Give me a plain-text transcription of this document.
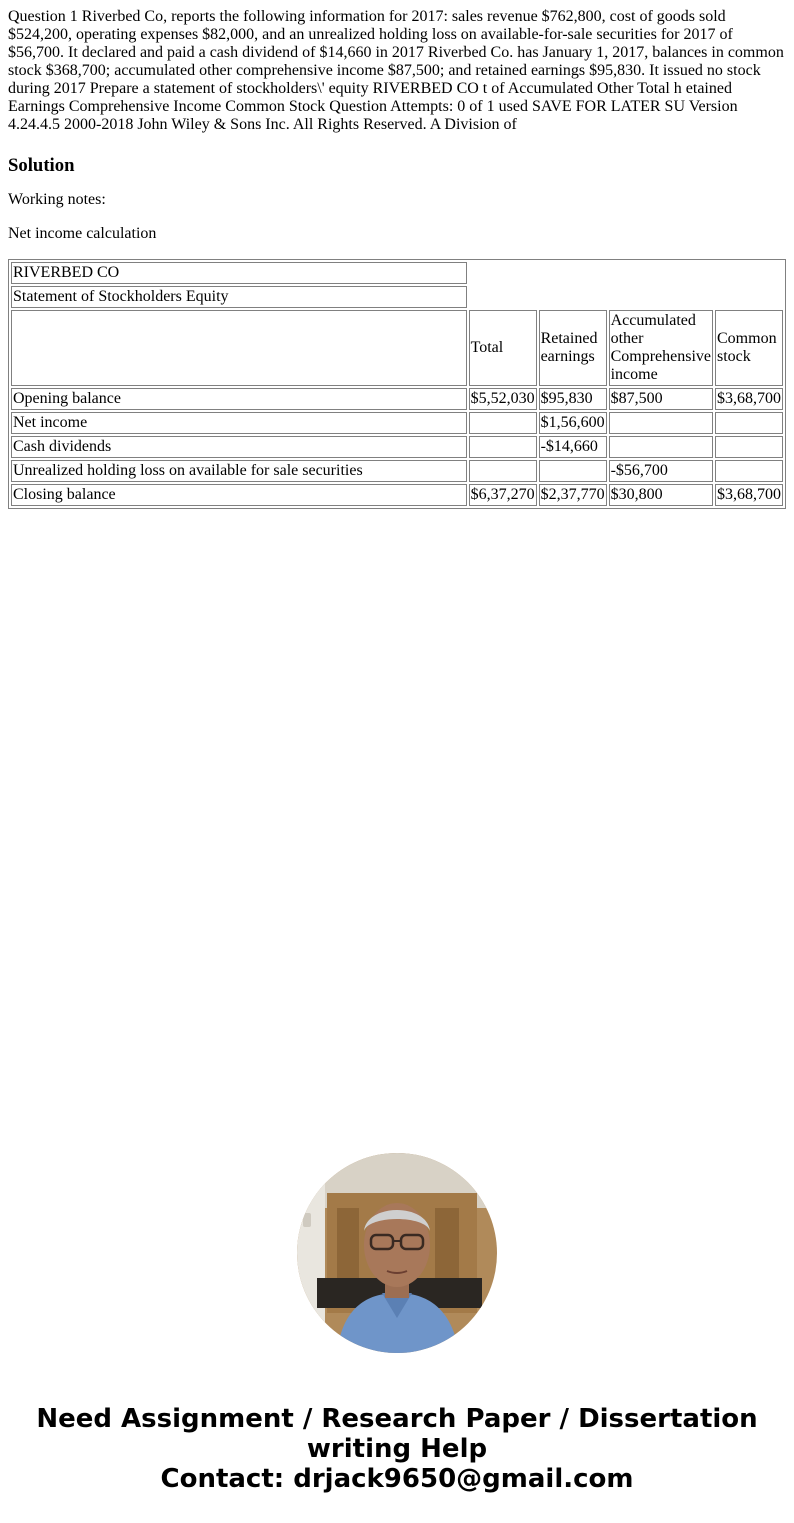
Question 1 Riverbed Co, reports the following information for 2017: sales revenue $762,800, cost of goods sold $524,200, operating expenses $82,000, and an unrealized holding loss on available-for-sale securities for 2017 of $56,700. It declared and paid a cash dividend of $14,660 in 2017 Riverbed Co. has January 1, 2017, balances in common stock $368,700; accumulated other comprehensive income $87,500; and retained earnings $95,830. It issued no stock during 2017 Prepare a statement of stockholders\' equity RIVERBED CO t of Accumulated Other Total h etained Earnings Comprehensive Income Common Stock Question Attempts: 0 of 1 used SAVE FOR LATER SU Version 4.24.4.5 2000-2018 John Wiley & Sons Inc. All Rights Reserved. A Division of

Solution

Working notes:

Net income calculation

RIVERBED CO				
Statement of Stockholders Equity				
	Total	Retained earnings	Accumulated other Comprehensive income	Common stock
Opening balance	$5,52,030	$95,830	$87,500	$3,68,700
Net income		$1,56,600		
Cash dividends		-$14,660		
Unrealized holding loss on available for sale securities			-$56,700	
Closing balance	$6,37,270	$2,37,770	$30,800	$3,68,700
Need Assignment / Research Paper / Dissertation
writing Help
Contact: drjack9650@gmail.com
